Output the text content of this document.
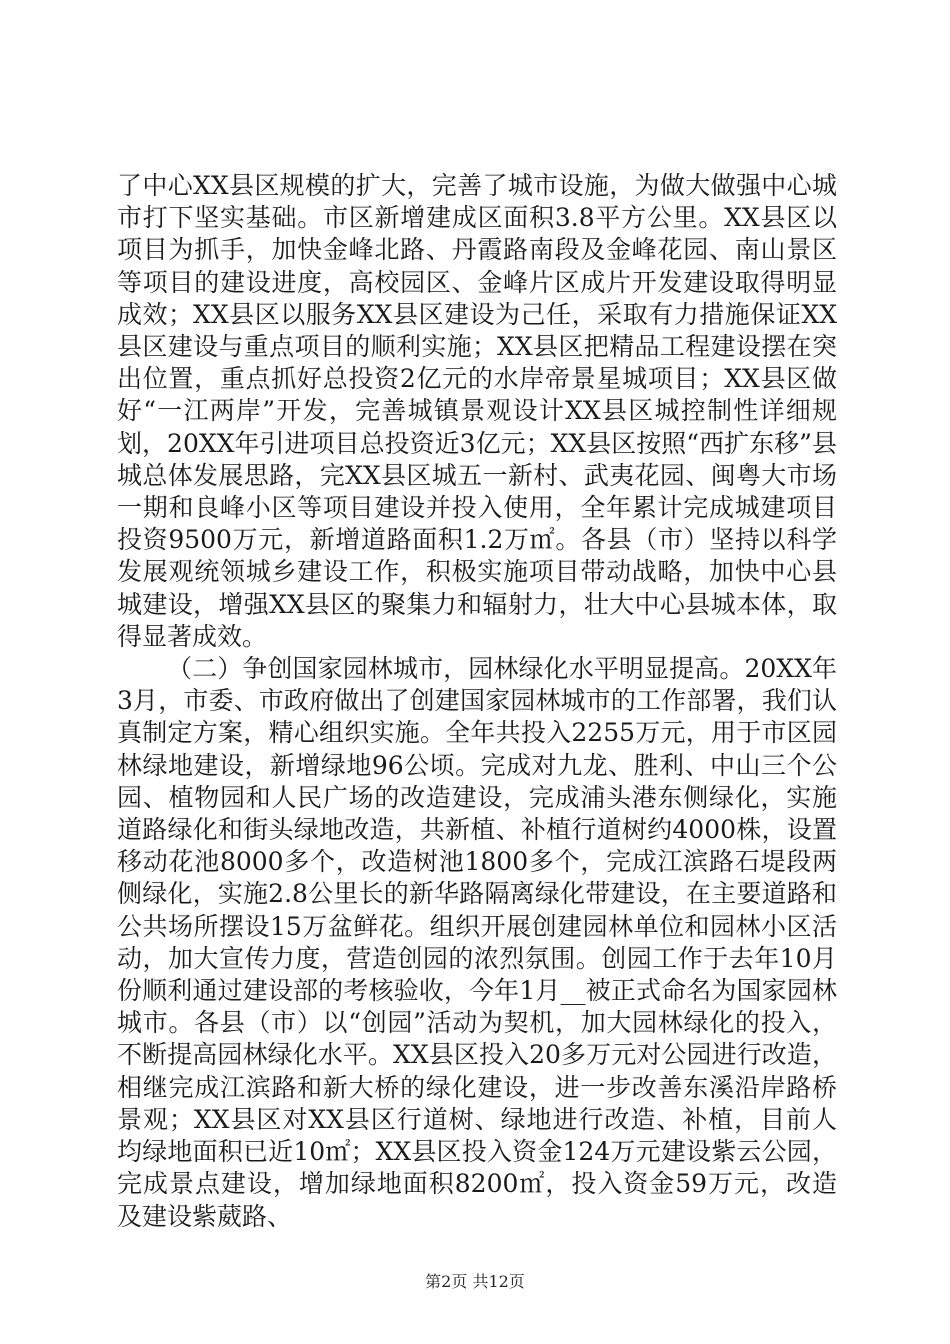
了中心XX县区规模的扩大，完善了城市设施，为做大做强中心城市打下坚实基础。市区新增建成区面积3.8平方公里。XX县区以项目为抓手，加快金峰北路、丹霞路南段及金峰花园、南山景区等项目的建设进度，高校园区、金峰片区成片开发建设取得明显成效；XX县区以服务XX县区建设为己任，采取有力措施保证XX县区建设与重点项目的顺利实施；XX县区把精品工程建设摆在突出位置，重点抓好总投资2亿元的水岸帝景星城项目；XX县区做好“一江两岸”开发，完善城镇景观设计XX县区城控制性详细规划，20XX年引进项目总投资近3亿元；XX县区按照“西扩东移”县城总体发展思路，完XX县区城五一新村、武夷花园、闽粤大市场一期和良峰小区等项目建设并投入使用，全年累计完成城建项目投资9500万元，新增道路面积1.2万㎡。各县（市）坚持以科学发展观统领城乡建设工作，积极实施项目带动战略，加快中心县城建设，增强XX县区的聚集力和辐射力，壮大中心县城本体，取得显著成效。

（二）争创国家园林城市，园林绿化水平明显提高。20XX年3月，市委、市政府做出了创建国家园林城市的工作部署，我们认真制定方案，精心组织实施。全年共投入2255万元，用于市区园林绿地建设，新增绿地96公顷。完成对九龙、胜利、中山三个公园、植物园和人民广场的改造建设，完成浦头港东侧绿化，实施道路绿化和街头绿地改造，共新植、补植行道树约4000株，设置移动花池8000多个，改造树池1800多个，完成江滨路石堤段两侧绿化，实施2.8公里长的新华路隔离绿化带建设，在主要道路和公共场所摆设15万盆鲜花。组织开展创建园林单位和园林小区活动，加大宣传力度，营造创园的浓烈氛围。创园工作于去年10月份顺利通过建设部的考核验收，今年1月__被正式命名为国家园林城市。各县（市）以“创园”活动为契机，加大园林绿化的投入，不断提高园林绿化水平。XX县区投入20多万元对公园进行改造，相继完成江滨路和新大桥的绿化建设，进一步改善东溪沿岸路桥景观；XX县区对XX县区行道树、绿地进行改造、补植，目前人均绿地面积已近10㎡；XX县区投入资金124万元建设紫云公园，完成景点建设，增加绿地面积8200㎡，投入资金59万元，改造及建设紫葳路、

第2页 共12页
